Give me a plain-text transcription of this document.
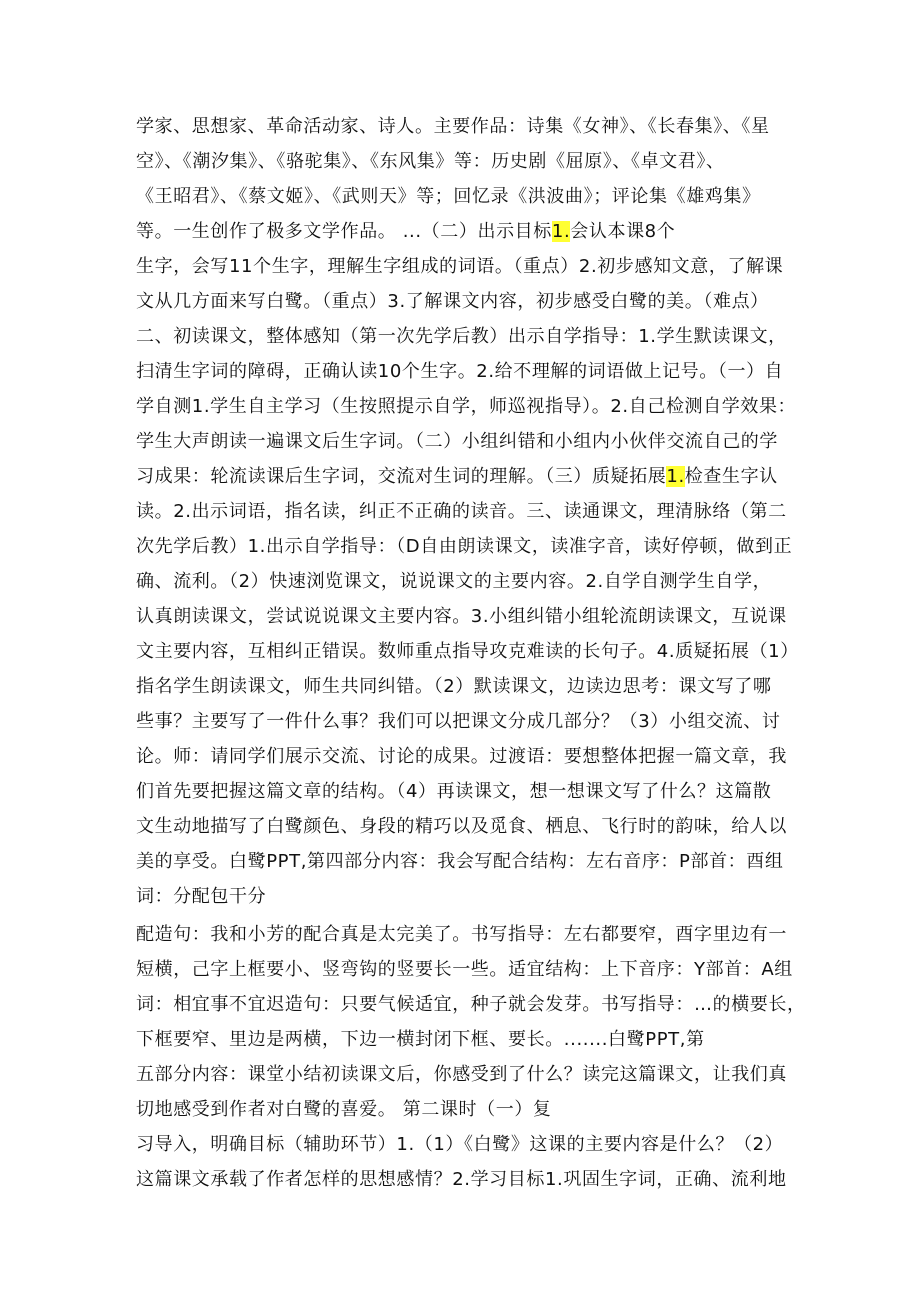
学家、思想家、革命活动家、诗人。主要作品：诗集《女神》、《长春集》、《星
空》、《潮汐集》、《骆驼集》、《东风集》等：历史剧《屈原》、《卓文君》、
《王昭君》、《蔡文姬》、《武则天》等；回忆录《洪波曲》；评论集《雄鸡集》
等。一生创作了极多文学作品。 ...（二）出示目标1.会认本课8个
生字，会写11个生字，理解生字组成的词语。（重点）2.初步感知文意，了解课
文从几方面来写白鹭。（重点）3.了解课文内容，初步感受白鹭的美。（难点）
二、初读课文，整体感知（第一次先学后教）出示自学指导：1.学生默读课文，
扫清生字词的障碍，正确认读10个生字。2.给不理解的词语做上记号。（一）自
学自测1.学生自主学习（生按照提示自学，师巡视指导）。2.自己检测自学效果：
学生大声朗读一遍课文后生字词。（二）小组纠错和小组内小伙伴交流自己的学
习成果：轮流读课后生字词，交流对生词的理解。（三）质疑拓展1.检查生字认
读。2.出示词语，指名读，纠正不正确的读音。三、读通课文，理清脉络（第二
次先学后教）1.出示自学指导：（D自由朗读课文，读准字音，读好停顿，做到正
确、流利。（2）快速浏览课文，说说课文的主要内容。2.自学自测学生自学，
认真朗读课文，尝试说说课文主要内容。3.小组纠错小组轮流朗读课文，互说课
文主要内容，互相纠正错误。数师重点指导攻克难读的长句子。4.质疑拓展（1）
指名学生朗读课文，师生共同纠错。（2）默读课文，边读边思考：课文写了哪
些事？主要写了一件什么事？我们可以把课文分成几部分？（3）小组交流、讨
论。师：请同学们展示交流、讨论的成果。过渡语：要想整体把握一篇文章，我
们首先要把握这篇文章的结构。（4）再读课文，想一想课文写了什么？这篇散
文生动地描写了白鹭颜色、身段的精巧以及觅食、栖息、飞行时的韵味，给人以
美的享受。白鹭PPT,第四部分内容：我会写配合结构：左右音序：P部首：酉组
词：分配包干分
配造句：我和小芳的配合真是太完美了。书写指导：左右都要窄，酉字里边有一
短横，己字上框要小、竖弯钩的竖要长一些。适宜结构：上下音序：Y部首：A组
词：相宜事不宜迟造句：只要气候适宜，种子就会发芽。书写指导：…的横要长，
下框要窄、里边是两横，下边一横封闭下框、要长。.......白鹭PPT,第
五部分内容：课堂小结初读课文后，你感受到了什么？读完这篇课文，让我们真
切地感受到作者对白鹭的喜爱。 第二课时（一）复
习导入，明确目标（辅助环节）1.（1）《白鹭》这课的主要内容是什么？（2）
这篇课文承载了作者怎样的思想感情？2.学习目标1.巩固生字词，正确、流利地
